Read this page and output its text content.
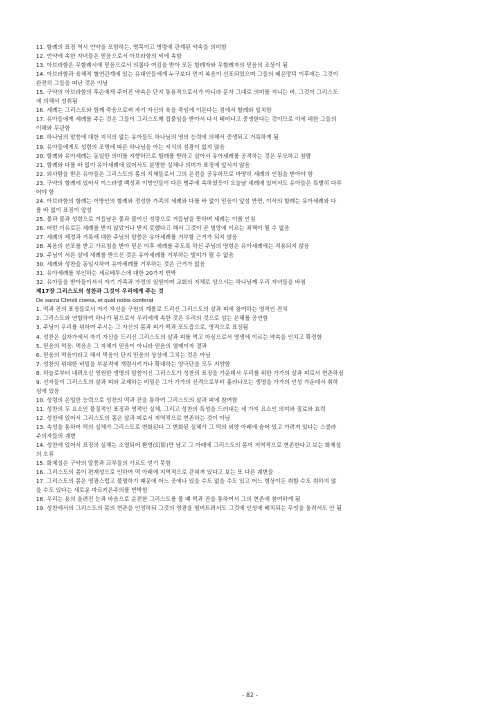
11. 할례의 표징 역시 언약을 포함하는, 명목이고 명령에 관계된 약속을 의미함
12. 언약에 속한 자녀들은 믿음으로서 아브라함의 씨에 속함
13. 아브라함은 무할례시에 믿음으로서 의롭다 여김을 받아 모든 할례자와 무할례자의 믿음의 조상이 됨
14. 아브라함과 육체적 혈연관계에 있는 유대인들에게 누구보다 먼저 복음이 선포되었으며 그들의 배은망덕 이후에는 그것이
완전히 그들을 떠난 것은 아님
15. 구약의 아브라함의 후손에게 주어진 약속은 단지 통용적으로서가 아니라 문자 그대로 의미를 지니는 바, 그것이 그리스도
에 의해서 성취됨
16. 세례는 그리스도와 함께 죽음으로써 자기 자신의 육을 죽임에 이른다는 점에서 할례와 일치함
17. 유아들에게 세례를 주는 것은 그들이 그리스도께 접붙임을 받아서 다시 태어나고 중생한다는 것이므로 이에 대한 그들의
이해와 무관함
18. 하나님의 말씀에 대한 지식의 없는 유아들도 하나님의 영의 능력에 의해서 중생되고 거룩하게 됨
19. 유아들에게도 성령의 조명에 따른 하나님을 아는 지식의 섬광이 없지 않음
20. 할례와 유아세례는 동일한 의미를 지향하므로 할례를 받하고 살아서 유아세례를 공격하는 것은 무모하고 참람
21. 할례와 다를 바 없이 유아세례에 있어서도 분명한 실체나 의미가 표징에 앞서지 않음
22. 외사람을 받은 유아들은 그리스도의 몸의 지체들로서 그의 은전을 공유하므로 마땅히 세례의 인침을 받아야 함
23. 구약의 할례에 있어서 이스라엘 백성과 이방인들이 다른 범주에 속하였듯이 오늘날 세례에 있어서도 유아들은 특별히 다루
어야 함
24. 아브라함의 할례는 이방인의 할례와 정성한 가족의 세례와 다를 바 없이 믿음이 앞섬 반면, 이삭의 할례는 유아세례와 다
를 바 없이 표징이 앞섬
25. 물과 불과 성령으로 거듭남은 물과 불이신 성령으로 거듭남을 뜻하며 세례는 이를 인침
26. 어떤 이유로든 세례를 받지 않았거나 받지 못했다고 해서 그것이 곧 멸망에 이르는 죄책이 될 수 없음
27. 세례의 제정과 거룩에 대한 주님의 말씀은 유아세례를 거부할 근거가 되지 않음
28. 복음의 선포를 받고 가르침을 받아 믿은 이후 세례를 주도록 하신 주님의 명령은 유아세례에는 적용되지 않음
29. 주님이 서른 살에 세례를 받으신 것은 유아세례를 거부하는 빌미가 될 수 없음
30. 세례와 성찬을 동일시하여 유아세례를 거부하는 것은 근거가 없음
31. 유아세례를 부인하는 세르베투스에 대한 20가지 반박
32. 유아들을 받아들이셔서 자기 가족과 가정의 일원이며 교회의 지체로 삼으시는 하나님께 우리 자녀들을 바침
제17장 그리스도의 성찬과 그것이 우리에게 주는 것
De sacra Christi coena, et quid nobis conferat
1. 떡과 잔의 표징들로서 자기 자신을 구원의 계몰로 드리신 그리스도의 살과 피에 참여하는 영적인 잔치
2. 그리스도와 연합하여 하나가 됨으로서 우리에게 속한 것은 우리의 것으로 삼는 은혜를 공연함
3. 주님이 우리를 위하여 주시는 그 자신의 몸과 피가 떡과 포도즙으로, 영적으로 표상됨
4. 성찬은 십자가에서 자기 자신을 드리신 그리스도의 살과 피를 먹고 마심으로서 영생에 이르는 약속을 인치고 확정함
5. 믿음의 먹음: 먹음은 그 자체가 믿음이 아니라 믿음의 열매이자 결과
6. 믿음의 먹음이라고 해서 먹음이 단지 믿음의 상상에 그치는 것은 아님
7. 성찬의 위대한 비밀을 부분적에 개렴시키거나 확대하는 양극단을 모두 지양함
8. 하늘로부터 내려오신 영원한 생명의 말씀이신 그리스도가 성찬의 표징을 가운데서 우리를 위한 가가의 살과 피로서 현존하심
9. 신자들이 그리스도의 살과 피와 교제하는 비밀은 그가 가가의 신격으로부터 흘러나오는 생명을 가가의 인성 가운데서 취하
심에 있음
10. 성령의 은밀한 능력으로 성찬의 떡과 잔을 통하여 그리스도의 살과 피에 참여함
11. 성찬의 두 요소인 물질적인 표징과 영적인 실체, 그리고 성찬의 특성을 드러내는 세 가지 요소인 의미와 질료와 효력
12. 성찬에 있어서 그리스도의 몸은 살과 피로서 지역적으로 현존하는 것이 아님
13. 속성을 통하여 떡의 실체가 그리스도로 변화된다 그 변화된 실체가 그 떡의 외양 아래에 숨어 있고 가려져 있다는 스콜라
주의자들의 궤변
14. 성찬에 있어서 표징의 실체는 소멸되어 환영(幻影)만 남고 그 아래에 그리스도의 몸이 지역적으로 현존한다고 보는 화체설
의 오류
15. 화체설은 구약의 말씀과 교부들의 가르도 얻기 못함
16. 그리스도의 몸이 편재성으로 인하여 떡 아래에 지역적으로 갇혀져 있다고 보는 또 다른 궤변들
17. 그리스도의 몸은 영광스럽고 불멸하기 때문에 어느 곳에나 있을 수도 없을 수도 있고 어느 형상이든 취할 수도 취하지 않
을 수도 있다는 새로운 마르키온주의를 반박함
18. 우리는 용의 올려진 눈과 마음으로 순전한 그리스도를 볼 때 떡과 잔을 통하여서 그의 현존에 참여하게 됨
19. 성찬에서의 그리스도의 몸의 현존을 인정하되 그것의 영광을 떨어트려서도 그것에 인성에 배치되는 무엇을 돌려서도 안 됨
- 82 -
